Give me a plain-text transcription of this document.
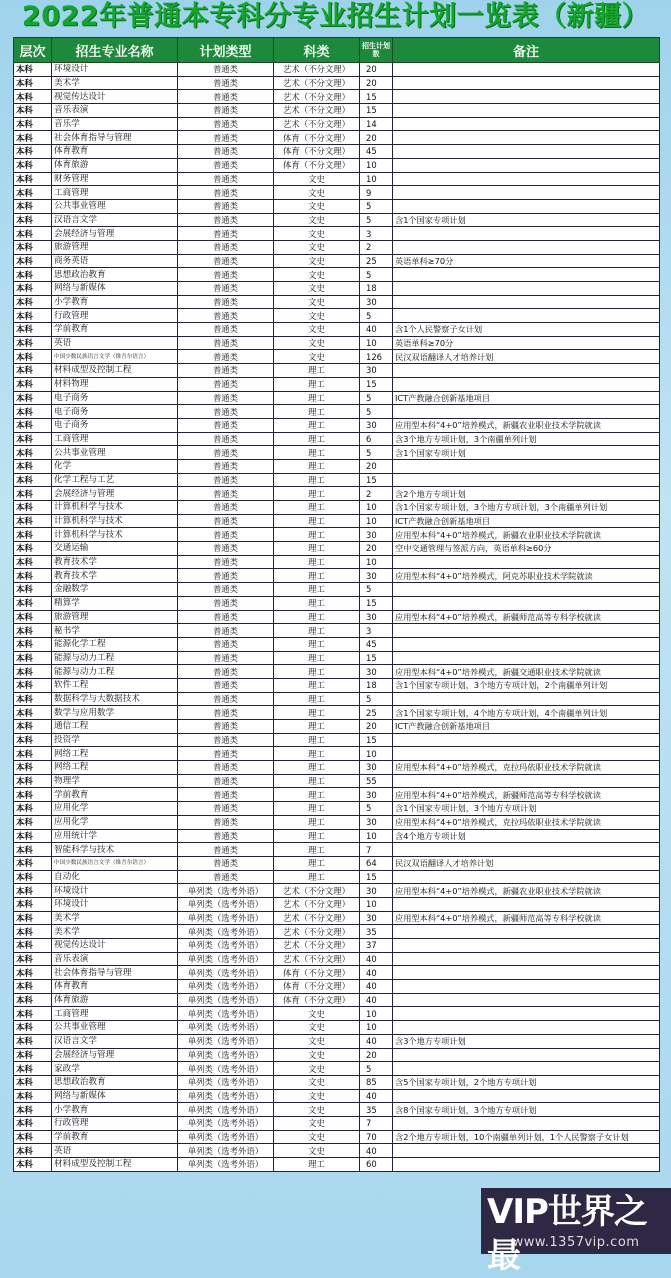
2022年普通本专科分专业招生计划一览表（新疆）
层次	招生专业名称	计划类型	科类	招生计划数	备注
本科	环境设计	普通类	艺术（不分文理）	20	
本科	美术学	普通类	艺术（不分文理）	20	
本科	视觉传达设计	普通类	艺术（不分文理）	15	
本科	音乐表演	普通类	艺术（不分文理）	15	
本科	音乐学	普通类	艺术（不分文理）	14	
本科	社会体育指导与管理	普通类	体育（不分文理）	20	
本科	体育教育	普通类	体育（不分文理）	45	
本科	体育旅游	普通类	体育（不分文理）	10	
本科	财务管理	普通类	文史	10	
本科	工商管理	普通类	文史	9	
本科	公共事业管理	普通类	文史	5	
本科	汉语言文学	普通类	文史	5	含1个国家专项计划
本科	会展经济与管理	普通类	文史	3	
本科	旅游管理	普通类	文史	2	
本科	商务英语	普通类	文史	25	英语单科≥70分
本科	思想政治教育	普通类	文史	5	
本科	网络与新媒体	普通类	文史	18	
本科	小学教育	普通类	文史	30	
本科	行政管理	普通类	文史	5	
本科	学前教育	普通类	文史	40	含1个人民警察子女计划
本科	英语	普通类	文史	10	英语单科≥70分
本科	中国少数民族语言文学（维吾尔语言）	普通类	文史	126	民汉双语翻译人才培养计划
本科	材料成型及控制工程	普通类	理工	30	
本科	材料物理	普通类	理工	15	
本科	电子商务	普通类	理工	5	ICT产教融合创新基地项目
本科	电子商务	普通类	理工	5	
本科	电子商务	普通类	理工	30	应用型本科“4+0”培养模式，新疆农业职业技术学院就读
本科	工商管理	普通类	理工	6	含3个地方专项计划，3个南疆单列计划
本科	公共事业管理	普通类	理工	5	含1个国家专项计划
本科	化学	普通类	理工	20	
本科	化学工程与工艺	普通类	理工	15	
本科	会展经济与管理	普通类	理工	2	含2个地方专项计划
本科	计算机科学与技术	普通类	理工	10	含1个国家专项计划，3个地方专项计划，3个南疆单列计划
本科	计算机科学与技术	普通类	理工	10	ICT产教融合创新基地项目
本科	计算机科学与技术	普通类	理工	30	应用型本科“4+0”培养模式，新疆农业职业技术学院就读
本科	交通运输	普通类	理工	20	空中交通管理与签派方向，英语单科≥60分
本科	教育技术学	普通类	理工	10	
本科	教育技术学	普通类	理工	30	应用型本科“4+0”培养模式，阿克苏职业技术学院就读
本科	金融数学	普通类	理工	5	
本科	精算学	普通类	理工	15	
本科	旅游管理	普通类	理工	30	应用型本科“4+0”培养模式，新疆师范高等专科学校就读
本科	秘书学	普通类	理工	3	
本科	能源化学工程	普通类	理工	45	
本科	能源与动力工程	普通类	理工	15	
本科	能源与动力工程	普通类	理工	30	应用型本科“4+0”培养模式，新疆交通职业技术学院就读
本科	软件工程	普通类	理工	18	含1个国家专项计划，3个地方专项计划，2个南疆单列计划
本科	数据科学与大数据技术	普通类	理工	5	
本科	数学与应用数学	普通类	理工	25	含1个国家专项计划，4个地方专项计划，4个南疆单列计划
本科	通信工程	普通类	理工	20	ICT产教融合创新基地项目
本科	投资学	普通类	理工	15	
本科	网络工程	普通类	理工	10	
本科	网络工程	普通类	理工	30	应用型本科“4+0”培养模式，克拉玛依职业技术学院就读
本科	物理学	普通类	理工	55	
本科	学前教育	普通类	理工	30	应用型本科“4+0”培养模式，新疆师范高等专科学校就读
本科	应用化学	普通类	理工	5	含1个国家专项计划，3个地方专项计划
本科	应用化学	普通类	理工	30	应用型本科“4+0”培养模式，克拉玛依职业技术学院就读
本科	应用统计学	普通类	理工	10	含4个地方专项计划
本科	智能科学与技术	普通类	理工	7	
本科	中国少数民族语言文学（维吾尔语言）	普通类	理工	64	民汉双语翻译人才培养计划
本科	自动化	普通类	理工	15	
本科	环境设计	单列类（选考外语）	艺术（不分文理）	30	应用型本科“4+0”培养模式，新疆农业职业技术学院就读
本科	环境设计	单列类（选考外语）	艺术（不分文理）	10	
本科	美术学	单列类（选考外语）	艺术（不分文理）	30	应用型本科“4+0”培养模式，新疆师范高等专科学校就读
本科	美术学	单列类（选考外语）	艺术（不分文理）	35	
本科	视觉传达设计	单列类（选考外语）	艺术（不分文理）	37	
本科	音乐表演	单列类（选考外语）	艺术（不分文理）	40	
本科	社会体育指导与管理	单列类（选考外语）	体育（不分文理）	40	
本科	体育教育	单列类（选考外语）	体育（不分文理）	40	
本科	体育旅游	单列类（选考外语）	体育（不分文理）	40	
本科	工商管理	单列类（选考外语）	文史	10	
本科	公共事业管理	单列类（选考外语）	文史	10	
本科	汉语言文学	单列类（选考外语）	文史	40	含3个地方专项计划
本科	会展经济与管理	单列类（选考外语）	文史	20	
本科	家政学	单列类（选考外语）	文史	5	
本科	思想政治教育	单列类（选考外语）	文史	85	含5个国家专项计划，2个地方专项计划
本科	网络与新媒体	单列类（选考外语）	文史	40	
本科	小学教育	单列类（选考外语）	文史	35	含8个国家专项计划，3个地方专项计划
本科	行政管理	单列类（选考外语）	文史	7	
本科	学前教育	单列类（选考外语）	文史	70	含2个地方专项计划，10个南疆单列计划，1个人民警察子女计划
本科	英语	单列类（选考外语）	文史	40	
本科	材料成型及控制工程	单列类（选考外语）	理工	60	
VIP世界之最
www.1357vip.com
